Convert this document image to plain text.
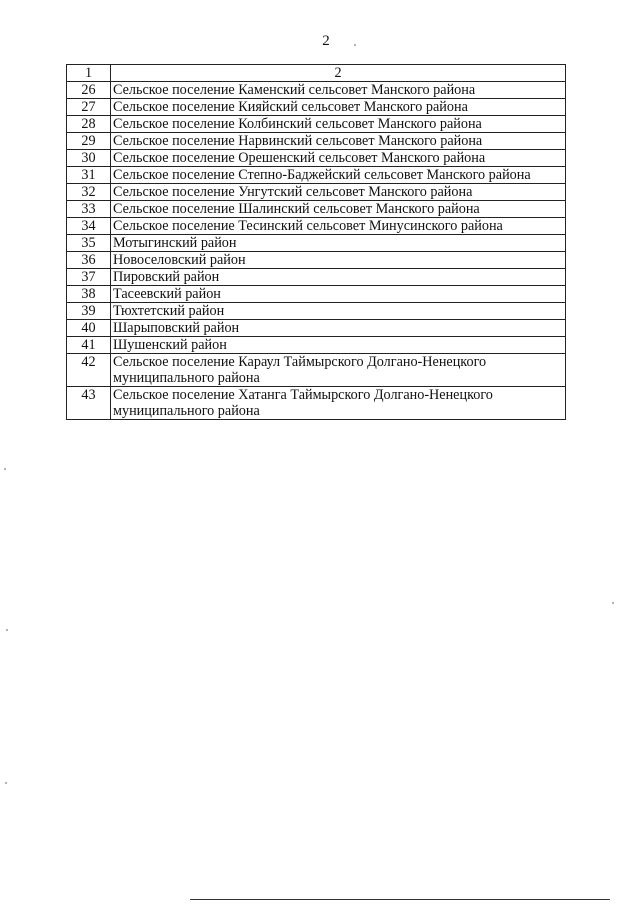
2
1	2
26	Сельское поселение Каменский сельсовет Манского района
27	Сельское поселение Кияйский сельсовет Манского района
28	Сельское поселение Колбинский сельсовет Манского района
29	Сельское поселение Нарвинский сельсовет Манского района
30	Сельское поселение Орешенский сельсовет Манского района
31	Сельское поселение Степно-Баджейский сельсовет Манского района
32	Сельское поселение Унгутский сельсовет Манского района
33	Сельское поселение Шалинский сельсовет Манского района
34	Сельское поселение Тесинский сельсовет Минусинского района
35	Мотыгинский район
36	Новоселовский район
37	Пировский район
38	Тасеевский район
39	Тюхтетский район
40	Шарыповский район
41	Шушенский район
42	Сельское поселение Караул Таймырского Долгано-Ненецкого муниципального района
43	Сельское поселение Хатанга Таймырского Долгано-Ненецкого муниципального района
